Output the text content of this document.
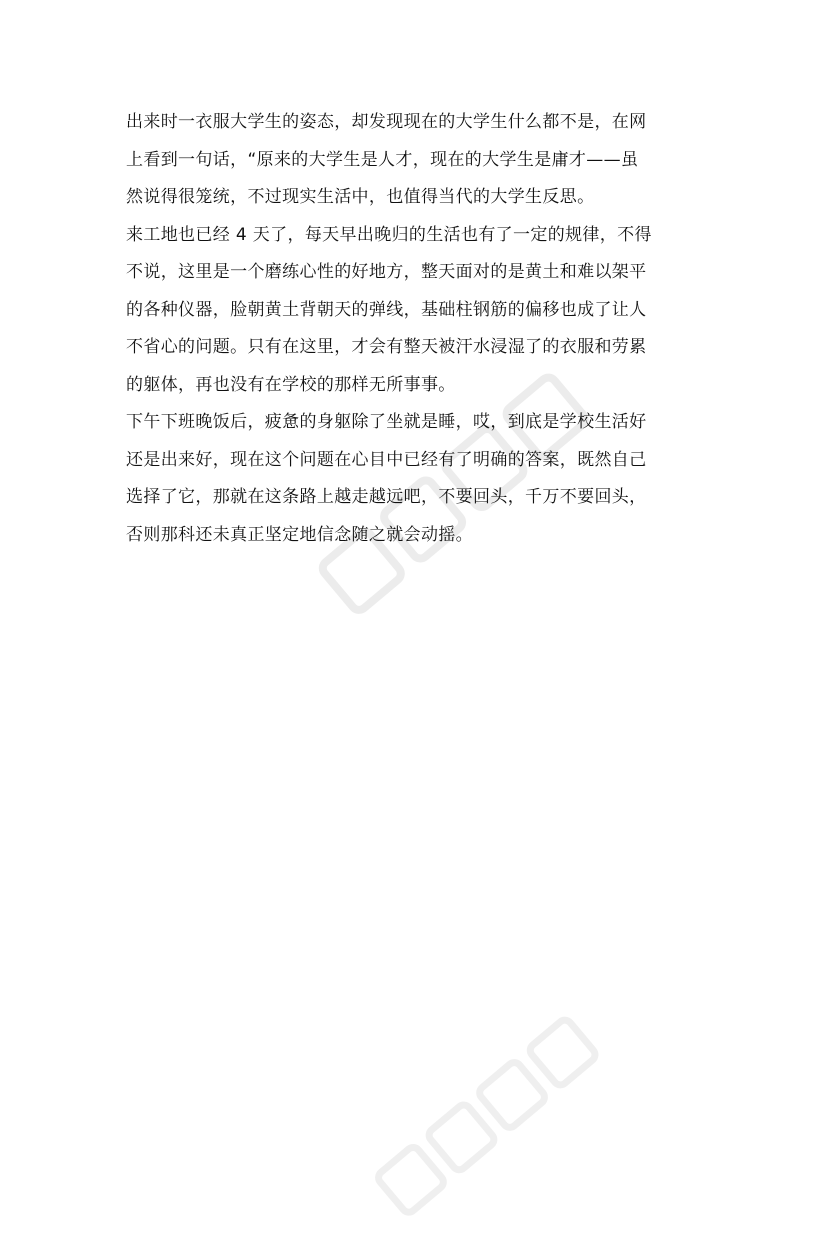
出来时一衣服大学生的姿态，却发现现在的大学生什么都不是，在网
上看到一句话，“原来的大学生是人才，现在的大学生是庸才——虽
然说得很笼统，不过现实生活中，也值得当代的大学生反思。
来工地也已经 4 天了，每天早出晚归的生活也有了一定的规律，不得
不说，这里是一个磨练心性的好地方，整天面对的是黄土和难以架平
的各种仪器，脸朝黄土背朝天的弹线，基础柱钢筋的偏移也成了让人
不省心的问题。只有在这里，才会有整天被汗水浸湿了的衣服和劳累
的躯体，再也没有在学校的那样无所事事。
下午下班晚饭后，疲惫的身躯除了坐就是睡，哎，到底是学校生活好
还是出来好，现在这个问题在心目中已经有了明确的答案，既然自己
选择了它，那就在这条路上越走越远吧，不要回头，千万不要回头，
否则那科还未真正坚定地信念随之就会动摇。
